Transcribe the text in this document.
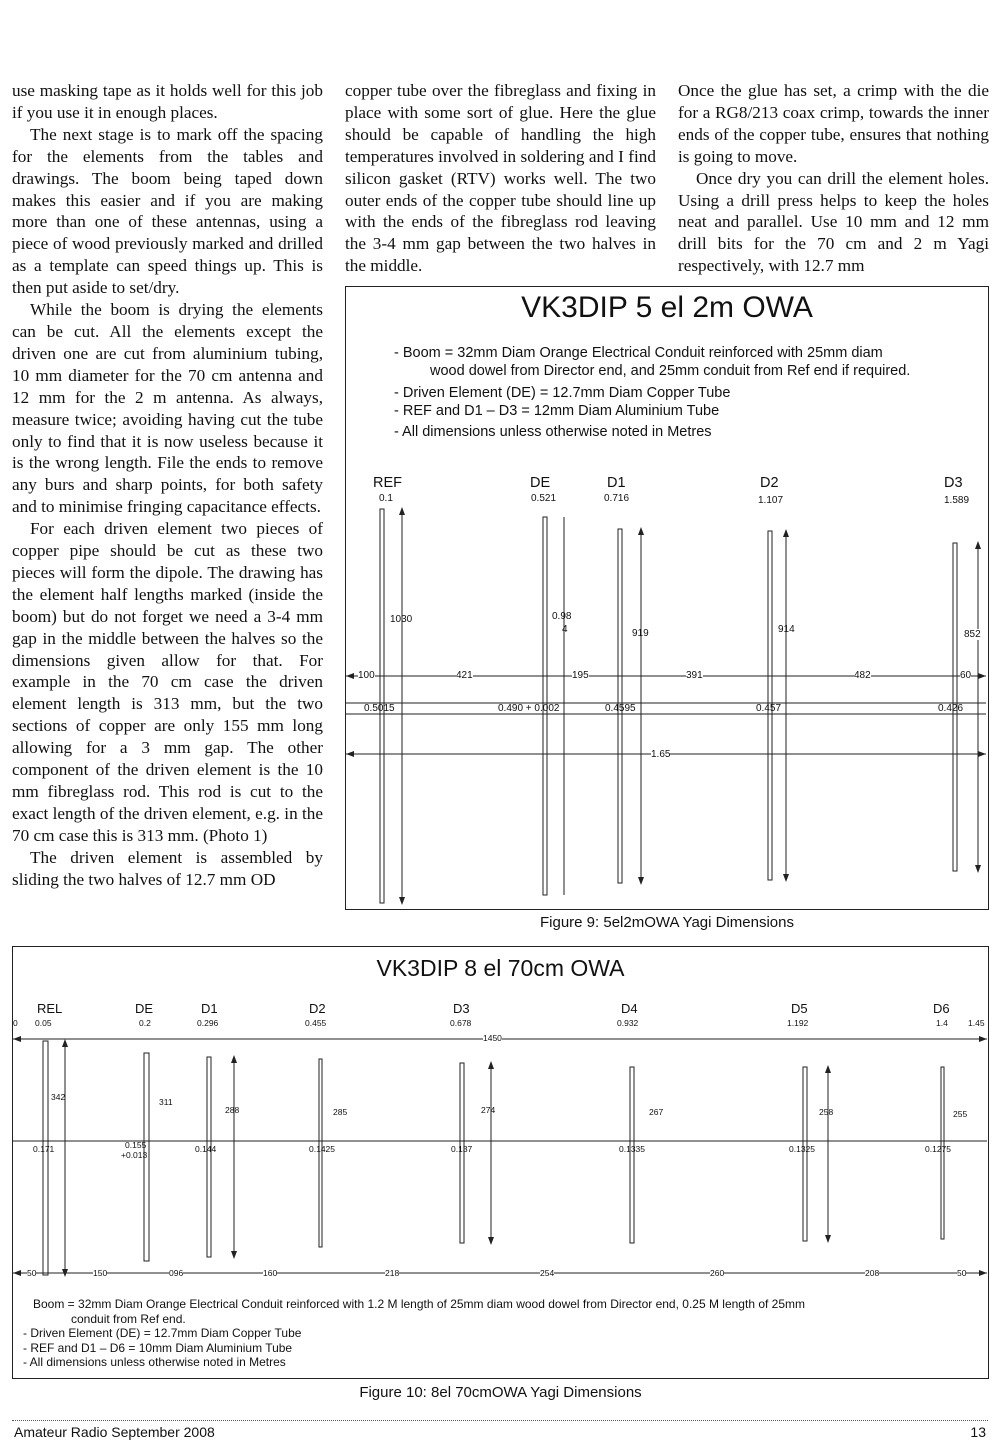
use masking tape as it holds well for this job if you use it in enough places.

The next stage is to mark off the spacing for the elements from the tables and drawings. The boom being taped down makes this easier and if you are making more than one of these antennas, using a piece of wood previously marked and drilled as a template can speed things up. This is then put aside to set/dry.

While the boom is drying the elements can be cut. All the elements except the driven one are cut from aluminium tubing, 10 mm diameter for the 70 cm antenna and 12 mm for the 2 m antenna. As always, measure twice; avoiding having cut the tube only to find that it is now useless because it is the wrong length. File the ends to remove any burs and sharp points, for both safety and to minimise fringing capacitance effects.

For each driven element two pieces of copper pipe should be cut as these two pieces will form the dipole. The drawing has the element half lengths marked (inside the boom) but do not forget we need a 3-4 mm gap in the middle between the halves so the dimensions given allow for that. For example in the 70 cm case the driven element length is 313 mm, but the two sections of copper are only 155 mm long allowing for a 3 mm gap. The other component of the driven element is the 10 mm fibreglass rod. This rod is cut to the exact length of the driven element, e.g. in the 70 cm case this is 313 mm. (Photo 1)

The driven element is assembled by sliding the two halves of 12.7 mm OD

copper tube over the fibreglass and fixing in place with some sort of glue. Here the glue should be capable of handling the high temperatures involved in soldering and I find silicon gasket (RTV) works well. The two outer ends of the copper tube should line up with the ends of the fibreglass rod leaving the 3-4 mm gap between the two halves in the middle.

Once the glue has set, a crimp with the die for a RG8/213 coax crimp, towards the inner ends of the copper tube, ensures that nothing is going to move.

Once dry you can drill the element holes. Using a drill press helps to keep the holes neat and parallel. Use 10 mm and 12 mm drill bits for the 70 cm and 2 m Yagi respectively, with 12.7 mm

VK3DIP 5 el 2m OWA
- Boom = 32mm Diam Orange Electrical Conduit reinforced with 25mm diam
wood dowel from Director end, and 25mm conduit from Ref end if required.
- Driven Element (DE) = 12.7mm Diam Copper Tube
- REF and D1 – D3 = 12mm Diam Aluminium Tube
- All dimensions unless otherwise noted in Metres
REF
0.1
DE
0.521
D1
0.716
D2
1.107
D3
1.589
1030	0.98
4	919	914	852
100	421	195	391	482	60
0.5015	0.490 + 0.002	0.4595	0.457	0.426
1.65
Figure 9: 5el2mOWA Yagi Dimensions
VK3DIP 8 el 70cm OWA
REL	DE	D1	D2	D3	D4	D5	D6
0 0.05	0.2	0.296	0.455	0.678	0.932	1.192	1.4 1.45
1450
342	311
288	285	274	267	258	255
0.171	0.155
+0.013
0.144	0.1425	0.137	0.1335	0.1325	0.1275
50	150	096	160	218	254	260	208	50
Boom = 32mm Diam Orange Electrical Conduit reinforced with 1.2 M length of 25mm diam wood dowel from Director end, 0.25 M length of 25mm
conduit from Ref end.
- Driven Element (DE) = 12.7mm Diam Copper Tube
- REF and D1 – D6 = 10mm Diam Aluminium Tube
- All dimensions unless otherwise noted in Metres
Figure 10: 8el 70cmOWA Yagi Dimensions
Amateur Radio September 2008	13
